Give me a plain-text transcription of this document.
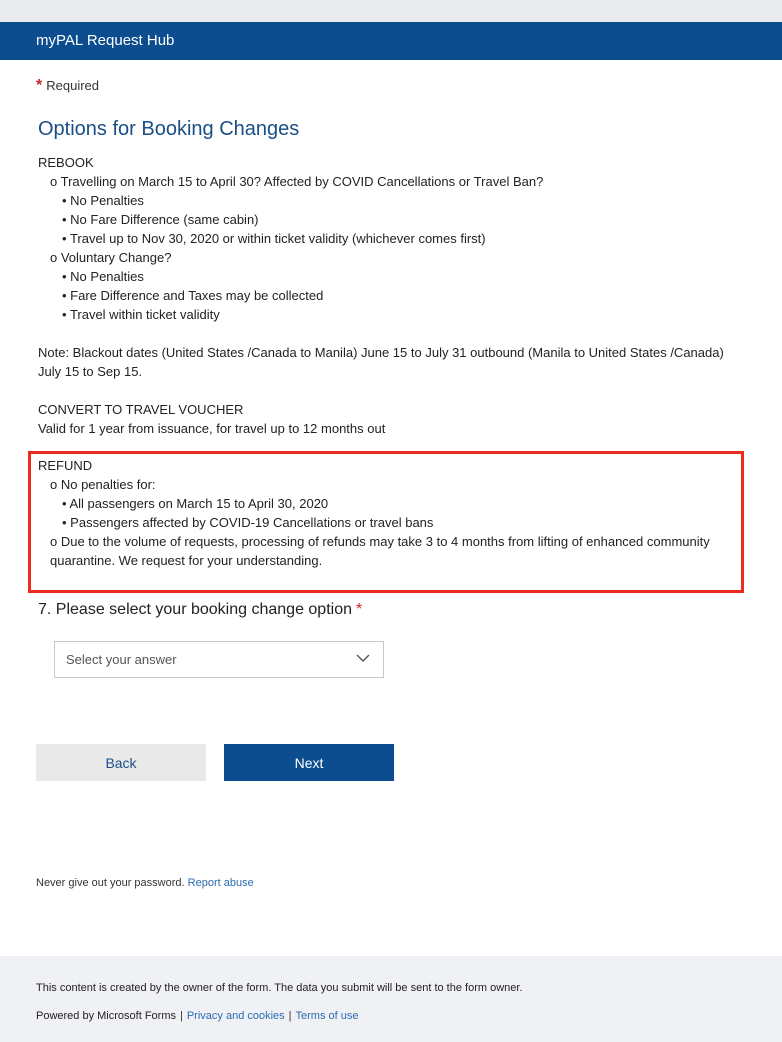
myPAL Request Hub
* Required
Options for Booking Changes
REBOOK
o Travelling on March 15 to April 30? Affected by COVID Cancellations or Travel Ban?
• No Penalties
• No Fare Difference (same cabin)
• Travel up to Nov 30, 2020 or within ticket validity (whichever comes first)
o Voluntary Change?
• No Penalties
• Fare Difference and Taxes may be collected
• Travel within ticket validity
Note: Blackout dates (United States /Canada to Manila) June 15 to July 31 outbound (Manila to United States /Canada) July 15 to Sep 15.
CONVERT TO TRAVEL VOUCHER
Valid for 1 year from issuance, for travel up to 12 months out
REFUND
o No penalties for:
• All passengers on March 15 to April 30, 2020
• Passengers affected by COVID-19 Cancellations or travel bans
o Due to the volume of requests, processing of refunds may take 3 to 4 months from lifting of enhanced community quarantine. We request for your understanding.
7. Please select your booking change option *
Select your answer
Back	Next
Never give out your password. Report abuse
This content is created by the owner of the form. The data you submit will be sent to the form owner.
Powered by Microsoft Forms | Privacy and cookies | Terms of use
